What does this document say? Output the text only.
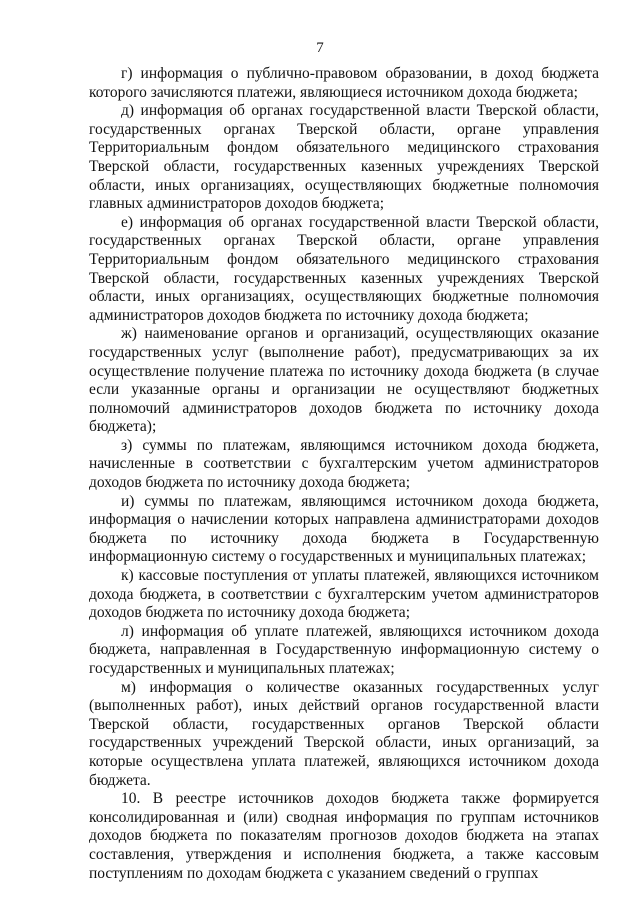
7

г) информация о публично-правовом образовании, в доход бюджета которого зачисляются платежи, являющиеся источником дохода бюджета;

д) информация об органах государственной власти Тверской области, государственных органах Тверской области, органе управления Территориальным фондом обязательного медицинского страхования Тверской области, государственных казенных учреждениях Тверской области, иных организациях, осуществляющих бюджетные полномочия главных администраторов доходов бюджета;

е) информация об органах государственной власти Тверской области, государственных органах Тверской области, органе управления Территориальным фондом обязательного медицинского страхования Тверской области, государственных казенных учреждениях Тверской области, иных организациях, осуществляющих бюджетные полномочия администраторов доходов бюджета по источнику дохода бюджета;

ж) наименование органов и организаций, осуществляющих оказание государственных услуг (выполнение работ), предусматривающих за их осуществление получение платежа по источнику дохода бюджета (в случае если указанные органы и организации не осуществляют бюджетных полномочий администраторов доходов бюджета по источнику дохода бюджета);

з) суммы по платежам, являющимся источником дохода бюджета, начисленные в соответствии с бухгалтерским учетом администраторов доходов бюджета по источнику дохода бюджета;

и) суммы по платежам, являющимся источником дохода бюджета, информация о начислении которых направлена администраторами доходов бюджета по источнику дохода бюджета в Государственную информационную систему о государственных и муниципальных платежах;

к) кассовые поступления от уплаты платежей, являющихся источником дохода бюджета, в соответствии с бухгалтерским учетом администраторов доходов бюджета по источнику дохода бюджета;

л) информация об уплате платежей, являющихся источником дохода бюджета, направленная в Государственную информационную систему о государственных и муниципальных платежах;

м) информация о количестве оказанных государственных услуг (выполненных работ), иных действий органов государственной власти Тверской области, государственных органов Тверской области государственных учреждений Тверской области, иных организаций, за которые осуществлена уплата платежей, являющихся источником дохода бюджета.

10. В реестре источников доходов бюджета также формируется консолидированная и (или) сводная информация по группам источников доходов бюджета по показателям прогнозов доходов бюджета на этапах составления, утверждения и исполнения бюджета, а также кассовым поступлениям по доходам бюджета с указанием сведений о группах
